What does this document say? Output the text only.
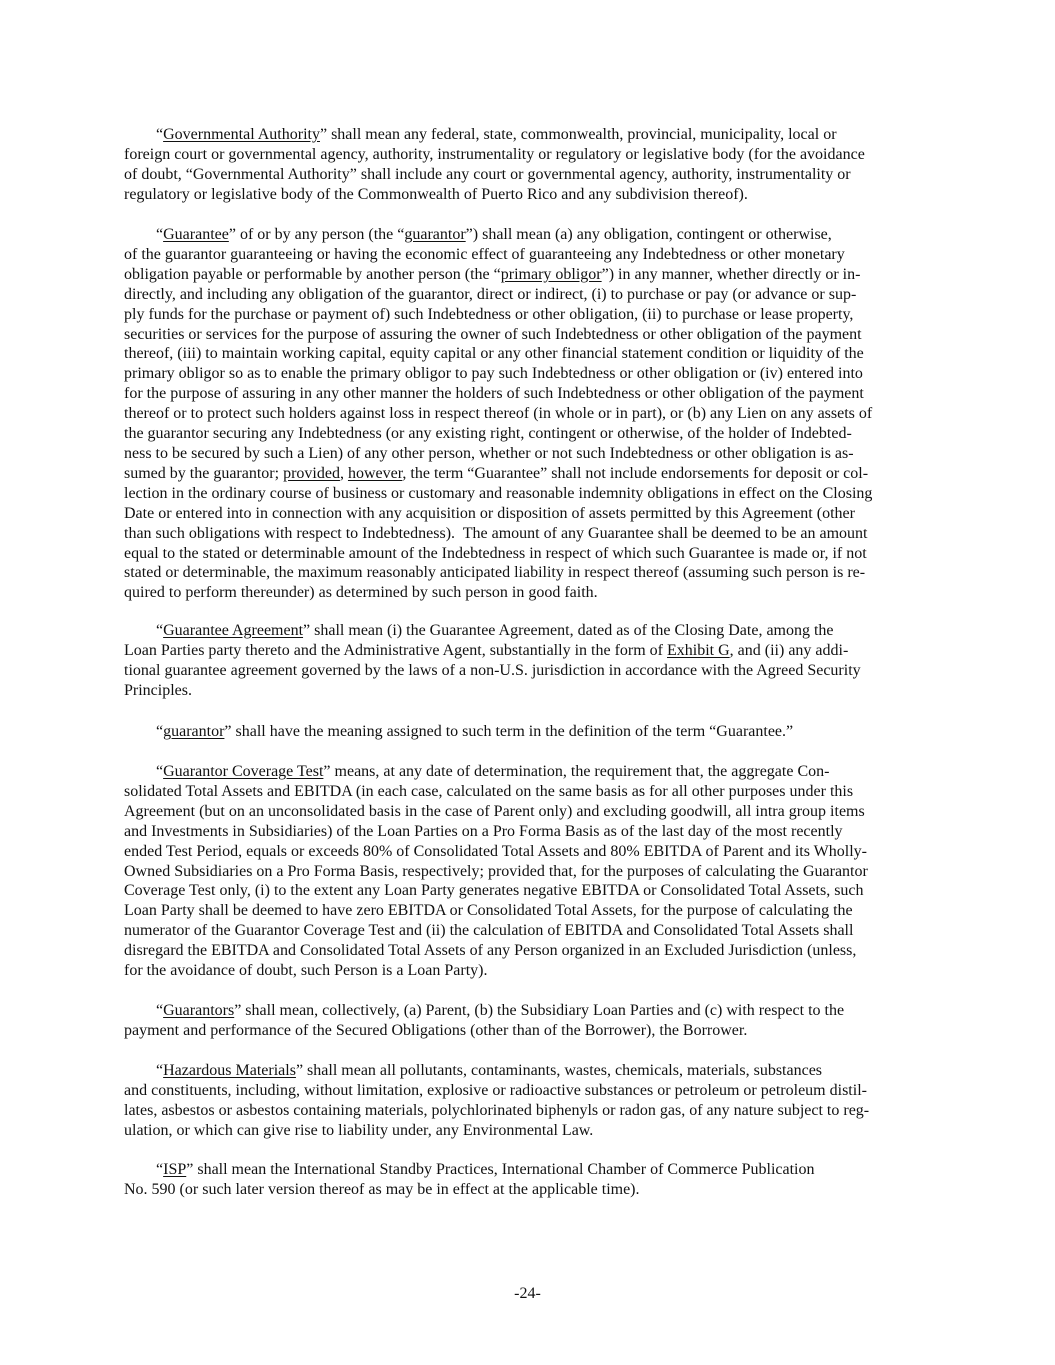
“Governmental Authority” shall mean any federal, state, commonwealth, provincial, municipality, local or
foreign court or governmental agency, authority, instrumentality or regulatory or legislative body (for the avoidance
of doubt, “Governmental Authority” shall include any court or governmental agency, authority, instrumentality or
regulatory or legislative body of the Commonwealth of Puerto Rico and any subdivision thereof).
“Guarantee” of or by any person (the “guarantor”) shall mean (a) any obligation, contingent or otherwise,
of the guarantor guaranteeing or having the economic effect of guaranteeing any Indebtedness or other monetary
obligation payable or performable by another person (the “primary obligor”) in any manner, whether directly or in-
directly, and including any obligation of the guarantor, direct or indirect, (i) to purchase or pay (or advance or sup-
ply funds for the purchase or payment of) such Indebtedness or other obligation, (ii) to purchase or lease property,
securities or services for the purpose of assuring the owner of such Indebtedness or other obligation of the payment
thereof, (iii) to maintain working capital, equity capital or any other financial statement condition or liquidity of the
primary obligor so as to enable the primary obligor to pay such Indebtedness or other obligation or (iv) entered into
for the purpose of assuring in any other manner the holders of such Indebtedness or other obligation of the payment
thereof or to protect such holders against loss in respect thereof (in whole or in part), or (b) any Lien on any assets of
the guarantor securing any Indebtedness (or any existing right, contingent or otherwise, of the holder of Indebted-
ness to be secured by such a Lien) of any other person, whether or not such Indebtedness or other obligation is as-
sumed by the guarantor; provided, however, the term “Guarantee” shall not include endorsements for deposit or col-
lection in the ordinary course of business or customary and reasonable indemnity obligations in effect on the Closing
Date or entered into in connection with any acquisition or disposition of assets permitted by this Agreement (other
than such obligations with respect to Indebtedness).  The amount of any Guarantee shall be deemed to be an amount
equal to the stated or determinable amount of the Indebtedness in respect of which such Guarantee is made or, if not
stated or determinable, the maximum reasonably anticipated liability in respect thereof (assuming such person is re-
quired to perform thereunder) as determined by such person in good faith.
“Guarantee Agreement” shall mean (i) the Guarantee Agreement, dated as of the Closing Date, among the
Loan Parties party thereto and the Administrative Agent, substantially in the form of Exhibit G, and (ii) any addi-
tional guarantee agreement governed by the laws of a non-U.S. jurisdiction in accordance with the Agreed Security
Principles.
“guarantor” shall have the meaning assigned to such term in the definition of the term “Guarantee.”
“Guarantor Coverage Test” means, at any date of determination, the requirement that, the aggregate Con-
solidated Total Assets and EBITDA (in each case, calculated on the same basis as for all other purposes under this
Agreement (but on an unconsolidated basis in the case of Parent only) and excluding goodwill, all intra group items
and Investments in Subsidiaries) of the Loan Parties on a Pro Forma Basis as of the last day of the most recently
ended Test Period, equals or exceeds 80% of Consolidated Total Assets and 80% EBITDA of Parent and its Wholly-
Owned Subsidiaries on a Pro Forma Basis, respectively; provided that, for the purposes of calculating the Guarantor
Coverage Test only, (i) to the extent any Loan Party generates negative EBITDA or Consolidated Total Assets, such
Loan Party shall be deemed to have zero EBITDA or Consolidated Total Assets, for the purpose of calculating the
numerator of the Guarantor Coverage Test and (ii) the calculation of EBITDA and Consolidated Total Assets shall
disregard the EBITDA and Consolidated Total Assets of any Person organized in an Excluded Jurisdiction (unless,
for the avoidance of doubt, such Person is a Loan Party).
“Guarantors” shall mean, collectively, (a) Parent, (b) the Subsidiary Loan Parties and (c) with respect to the
payment and performance of the Secured Obligations (other than of the Borrower), the Borrower.
“Hazardous Materials” shall mean all pollutants, contaminants, wastes, chemicals, materials, substances
and constituents, including, without limitation, explosive or radioactive substances or petroleum or petroleum distil-
lates, asbestos or asbestos containing materials, polychlorinated biphenyls or radon gas, of any nature subject to reg-
ulation, or which can give rise to liability under, any Environmental Law.
“ISP” shall mean the International Standby Practices, International Chamber of Commerce Publication
No. 590 (or such later version thereof as may be in effect at the applicable time).
-24-
